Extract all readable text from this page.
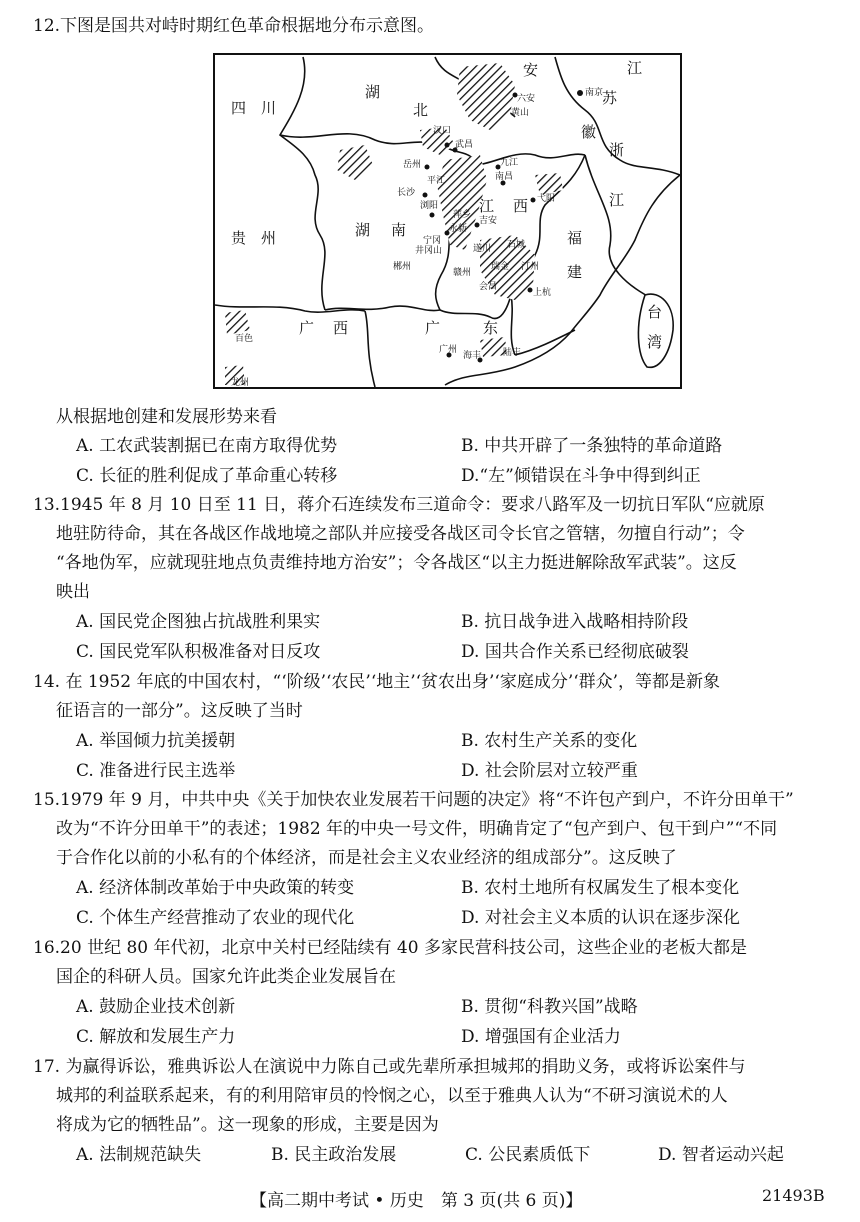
12.下图是国共对峙时期红色革命根据地分布示意图。
四　川
湖
北
安	江
苏
徽
浙
江
湖 南
贵　州
江 西
福
建
广 西	广	东
台
湾
南京
六安
黄山
汉口
武昌
九江
南昌
岳州
平江
长沙
浏阳
萍乡
永新
吉安
弋阳
宁冈
井冈山	遂川 石城
郴州	瑞金
赣州
会昌
上杭
汀州
百色
龙州
广州
海丰 陆丰
从根据地创建和发展形势来看
A. 工农武装割据已在南方取得优势	B. 中共开辟了一条独特的革命道路
C. 长征的胜利促成了革命重心转移	D.“左”倾错误在斗争中得到纠正
13.1945 年 8 月 10 日至 11 日，蒋介石连续发布三道命令：要求八路军及一切抗日军队“应就原
地驻防待命，其在各战区作战地境之部队并应接受各战区司令长官之管辖，勿擅自行动”；令
“各地伪军，应就现驻地点负责维持地方治安”；令各战区“以主力挺进解除敌军武装”。这反
映出
A. 国民党企图独占抗战胜利果实	B. 抗日战争进入战略相持阶段
C. 国民党军队积极准备对日反攻	D. 国共合作关系已经彻底破裂
14. 在 1952 年底的中国农村，“‘阶级’‘农民’‘地主’‘贫农出身’‘家庭成分’‘群众’，等都是新象
征语言的一部分”。这反映了当时
A. 举国倾力抗美援朝	B. 农村生产关系的变化
C. 准备进行民主选举	D. 社会阶层对立较严重
15.1979 年 9 月，中共中央《关于加快农业发展若干问题的决定》将“不许包产到户，不许分田单干”
改为“不许分田单干”的表述；1982 年的中央一号文件，明确肯定了“包产到户、包干到户”“不同
于合作化以前的小私有的个体经济，而是社会主义农业经济的组成部分”。这反映了
A. 经济体制改革始于中央政策的转变	B. 农村土地所有权属发生了根本变化
C. 个体生产经营推动了农业的现代化	D. 对社会主义本质的认识在逐步深化
16.20 世纪 80 年代初，北京中关村已经陆续有 40 多家民营科技公司，这些企业的老板大都是
国企的科研人员。国家允许此类企业发展旨在
A. 鼓励企业技术创新	B. 贯彻“科教兴国”战略
C. 解放和发展生产力	D. 增强国有企业活力
17. 为赢得诉讼，雅典诉讼人在演说中力陈自己或先辈所承担城邦的捐助义务，或将诉讼案件与
城邦的利益联系起来，有的利用陪审员的怜悯之心，以至于雅典人认为“不研习演说术的人
将成为它的牺牲品”。这一现象的形成，主要是因为
A. 法制规范缺失	B. 民主政治发展	C. 公民素质低下	D. 智者运动兴起
【高二期中考试 • 历史　第 3 页(共 6 页)】	21493B
